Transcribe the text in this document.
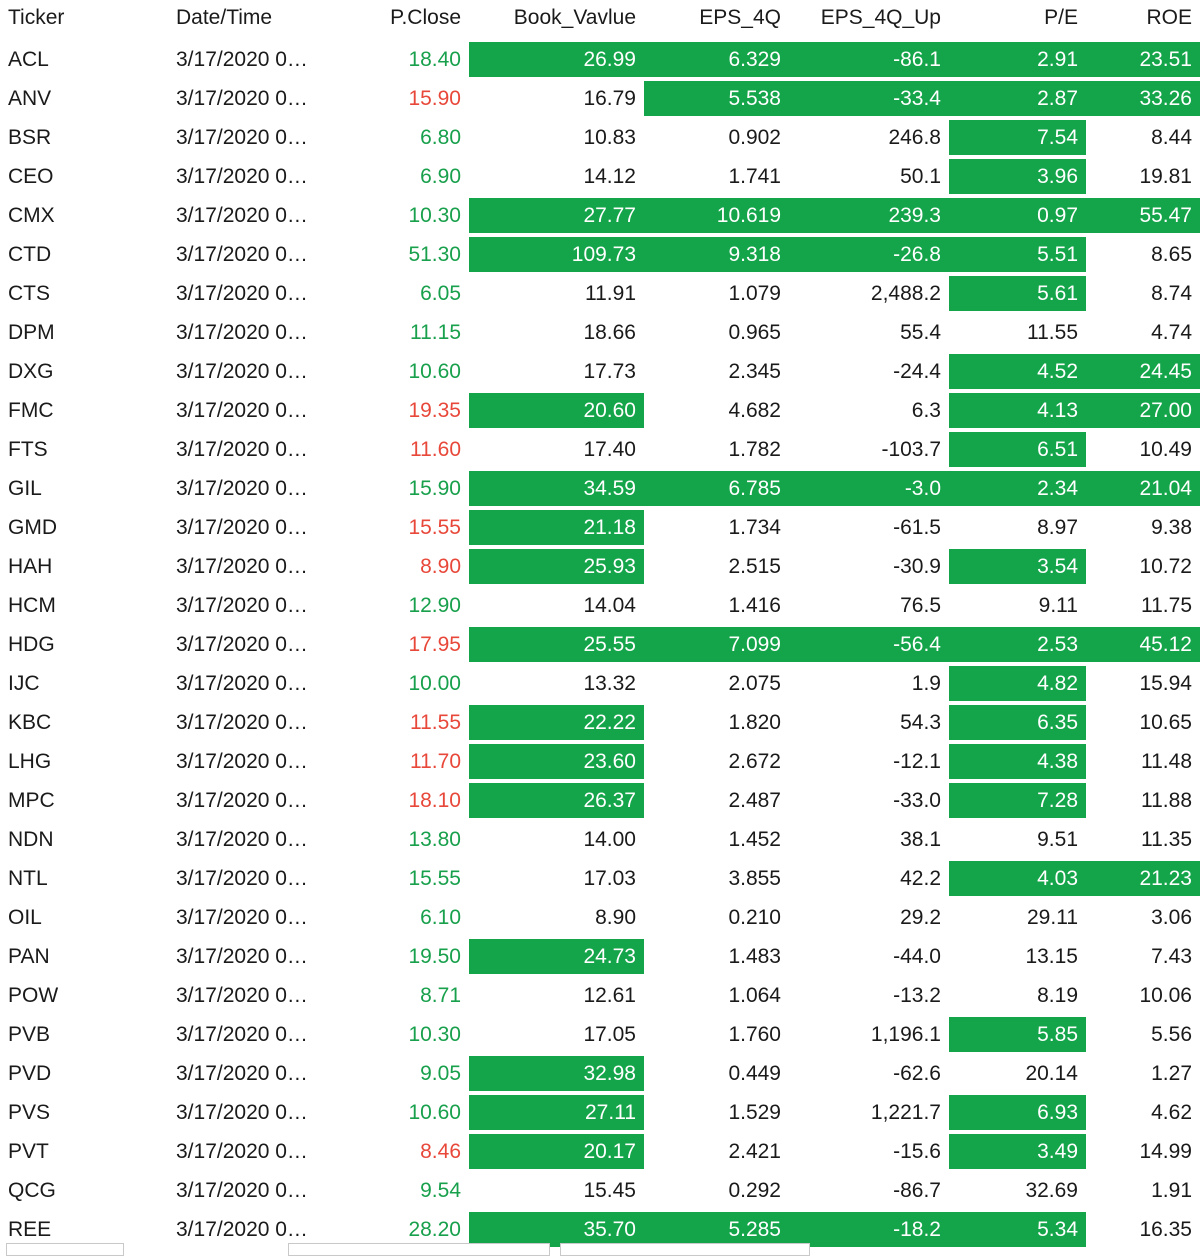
Ticker	Date/Time	P.Close	Book_Vavlue	EPS_4Q	EPS_4Q_Up	P/E	ROE
ACL	3/17/2020 0…	18.40	26.99	6.329	-86.1	2.91	23.51
ANV	3/17/2020 0…	15.90	16.79	5.538	-33.4	2.87	33.26
BSR	3/17/2020 0…	6.80	10.83	0.902	246.8	7.54	8.44
CEO	3/17/2020 0…	6.90	14.12	1.741	50.1	3.96	19.81
CMX	3/17/2020 0…	10.30	27.77	10.619	239.3	0.97	55.47
CTD	3/17/2020 0…	51.30	109.73	9.318	-26.8	5.51	8.65
CTS	3/17/2020 0…	6.05	11.91	1.079	2,488.2	5.61	8.74
DPM	3/17/2020 0…	11.15	18.66	0.965	55.4	11.55	4.74
DXG	3/17/2020 0…	10.60	17.73	2.345	-24.4	4.52	24.45
FMC	3/17/2020 0…	19.35	20.60	4.682	6.3	4.13	27.00
FTS	3/17/2020 0…	11.60	17.40	1.782	-103.7	6.51	10.49
GIL	3/17/2020 0…	15.90	34.59	6.785	-3.0	2.34	21.04
GMD	3/17/2020 0…	15.55	21.18	1.734	-61.5	8.97	9.38
HAH	3/17/2020 0…	8.90	25.93	2.515	-30.9	3.54	10.72
HCM	3/17/2020 0…	12.90	14.04	1.416	76.5	9.11	11.75
HDG	3/17/2020 0…	17.95	25.55	7.099	-56.4	2.53	45.12
IJC	3/17/2020 0…	10.00	13.32	2.075	1.9	4.82	15.94
KBC	3/17/2020 0…	11.55	22.22	1.820	54.3	6.35	10.65
LHG	3/17/2020 0…	11.70	23.60	2.672	-12.1	4.38	11.48
MPC	3/17/2020 0…	18.10	26.37	2.487	-33.0	7.28	11.88
NDN	3/17/2020 0…	13.80	14.00	1.452	38.1	9.51	11.35
NTL	3/17/2020 0…	15.55	17.03	3.855	42.2	4.03	21.23
OIL	3/17/2020 0…	6.10	8.90	0.210	29.2	29.11	3.06
PAN	3/17/2020 0…	19.50	24.73	1.483	-44.0	13.15	7.43
POW	3/17/2020 0…	8.71	12.61	1.064	-13.2	8.19	10.06
PVB	3/17/2020 0…	10.30	17.05	1.760	1,196.1	5.85	5.56
PVD	3/17/2020 0…	9.05	32.98	0.449	-62.6	20.14	1.27
PVS	3/17/2020 0…	10.60	27.11	1.529	1,221.7	6.93	4.62
PVT	3/17/2020 0…	8.46	20.17	2.421	-15.6	3.49	14.99
QCG	3/17/2020 0…	9.54	15.45	0.292	-86.7	32.69	1.91
REE	3/17/2020 0…	28.20	35.70	5.285	-18.2	5.34	16.35
